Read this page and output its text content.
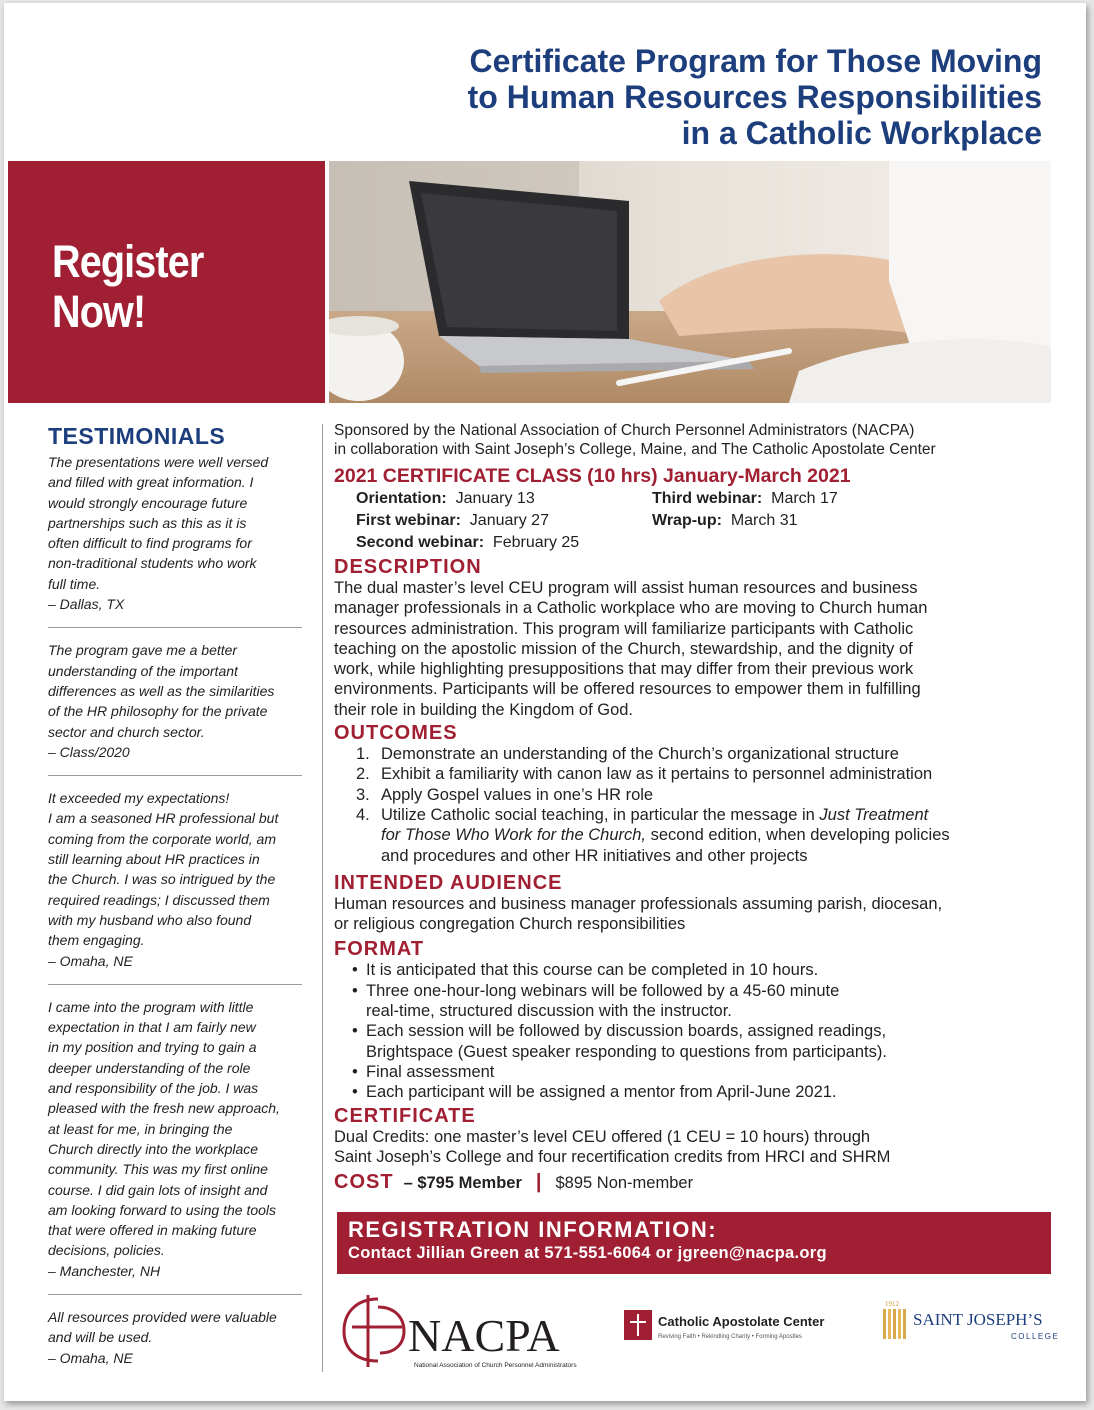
Certificate Program for Those Moving
to Human Resources Responsibilities
in a Catholic Workplace
Register
Now!
TESTIMONIALS

The presentations were well versed

and filled with great information. I

would strongly encourage future

partnerships such as this as it is

often difficult to find programs for

non-traditional students who work

full time.

– Dallas, TX

The program gave me a better

understanding of the important

differences as well as the similarities

of the HR philosophy for the private

sector and church sector.

– Class/2020

It exceeded my expectations!

I am a seasoned HR professional but

coming from the corporate world, am

still learning about HR practices in

the Church. I was so intrigued by the

required readings; I discussed them

with my husband who also found

them engaging.

– Omaha, NE

I came into the program with little

expectation in that I am fairly new

in my position and trying to gain a

deeper understanding of the role

and responsibility of the job. I was

pleased with the fresh new approach,

at least for me, in bringing the

Church directly into the workplace

community. This was my first online

course. I did gain lots of insight and

am looking forward to using the tools

that were offered in making future

decisions, policies.

– Manchester, NH

All resources provided were valuable

and will be used.

– Omaha, NE

Sponsored by the National Association of Church Personnel Administrators (NACPA)
in collaboration with Saint Joseph’s College, Maine, and The Catholic Apostolate Center
2021 CERTIFICATE CLASS (10 hrs) January-March 2021
Orientation: January 13
First webinar: January 27
Second webinar: February 25
Third webinar: March 17
Wrap-up: March 31
DESCRIPTION
The dual master’s level CEU program will assist human resources and business
manager professionals in a Catholic workplace who are moving to Church human
resources administration. This program will familiarize participants with Catholic
teaching on the apostolic mission of the Church, stewardship, and the dignity of
work, while highlighting presuppositions that may differ from their previous work
environments. Participants will be offered resources to empower them in fulfilling
their role in building the Kingdom of God.
OUTCOMES
1. Demonstrate an understanding of the Church’s organizational structure
2. Exhibit a familiarity with canon law as it pertains to personnel administration
3. Apply Gospel values in one’s HR role
4. Utilize Catholic social teaching, in particular the message in Just Treatment
for Those Who Work for the Church, second edition, when developing policies
and procedures and other HR initiatives and other projects
INTENDED AUDIENCE
Human resources and business manager professionals assuming parish, diocesan,
or religious congregation Church responsibilities
FORMAT
• It is anticipated that this course can be completed in 10 hours.
• Three one-hour-long webinars will be followed by a 45-60 minute
real-time, structured discussion with the instructor.
• Each session will be followed by discussion boards, assigned readings,
Brightspace (Guest speaker responding to questions from participants).
• Final assessment
• Each participant will be assigned a mentor from April-June 2021.
CERTIFICATE
Dual Credits: one master’s level CEU offered (1 CEU = 10 hours) through
Saint Joseph’s College and four recertification credits from HRCI and SHRM
COST – $795 Member | $895 Non-member
REGISTRATION INFORMATION:
Contact Jillian Green at 571-551-6064 or jgreen@nacpa.org
NACPA
National Association of Church Personnel Administrators
Catholic Apostolate Center
Reviving Faith • Rekindling Charity • Forming Apostles
1912
SAINT JOSEPH’S
COLLEGE
